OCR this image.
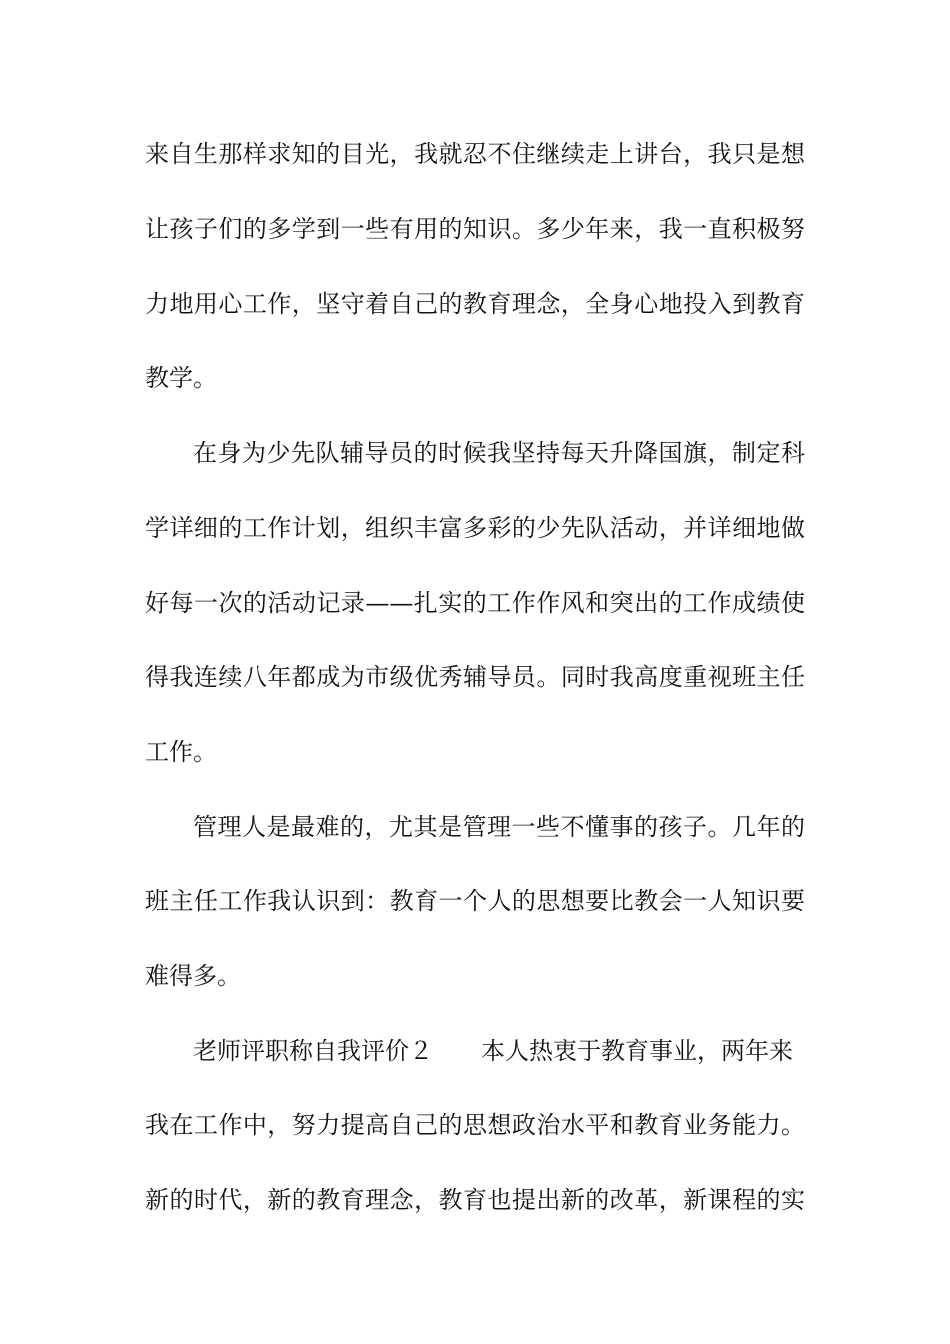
来自生那样求知的目光，我就忍不住继续走上讲台，我只是想
让孩子们的多学到一些有用的知识。多少年来，我一直积极努
力地用心工作，坚守着自己的教育理念，全身心地投入到教育
教学。
在身为少先队辅导员的时候我坚持每天升降国旗，制定科
学详细的工作计划，组织丰富多彩的少先队活动，并详细地做
好每一次的活动记录——扎实的工作作风和突出的工作成绩使
得我连续八年都成为市级优秀辅导员。同时我高度重视班主任
工作。
管理人是最难的，尤其是管理一些不懂事的孩子。几年的
班主任工作我认识到：教育一个人的思想要比教会一人知识要
难得多。
老师评职称自我评价２ 本人热衷于教育事业，两年来
我在工作中，努力提高自己的思想政治水平和教育业务能力。
新的时代，新的教育理念，教育也提出新的改革，新课程的实
